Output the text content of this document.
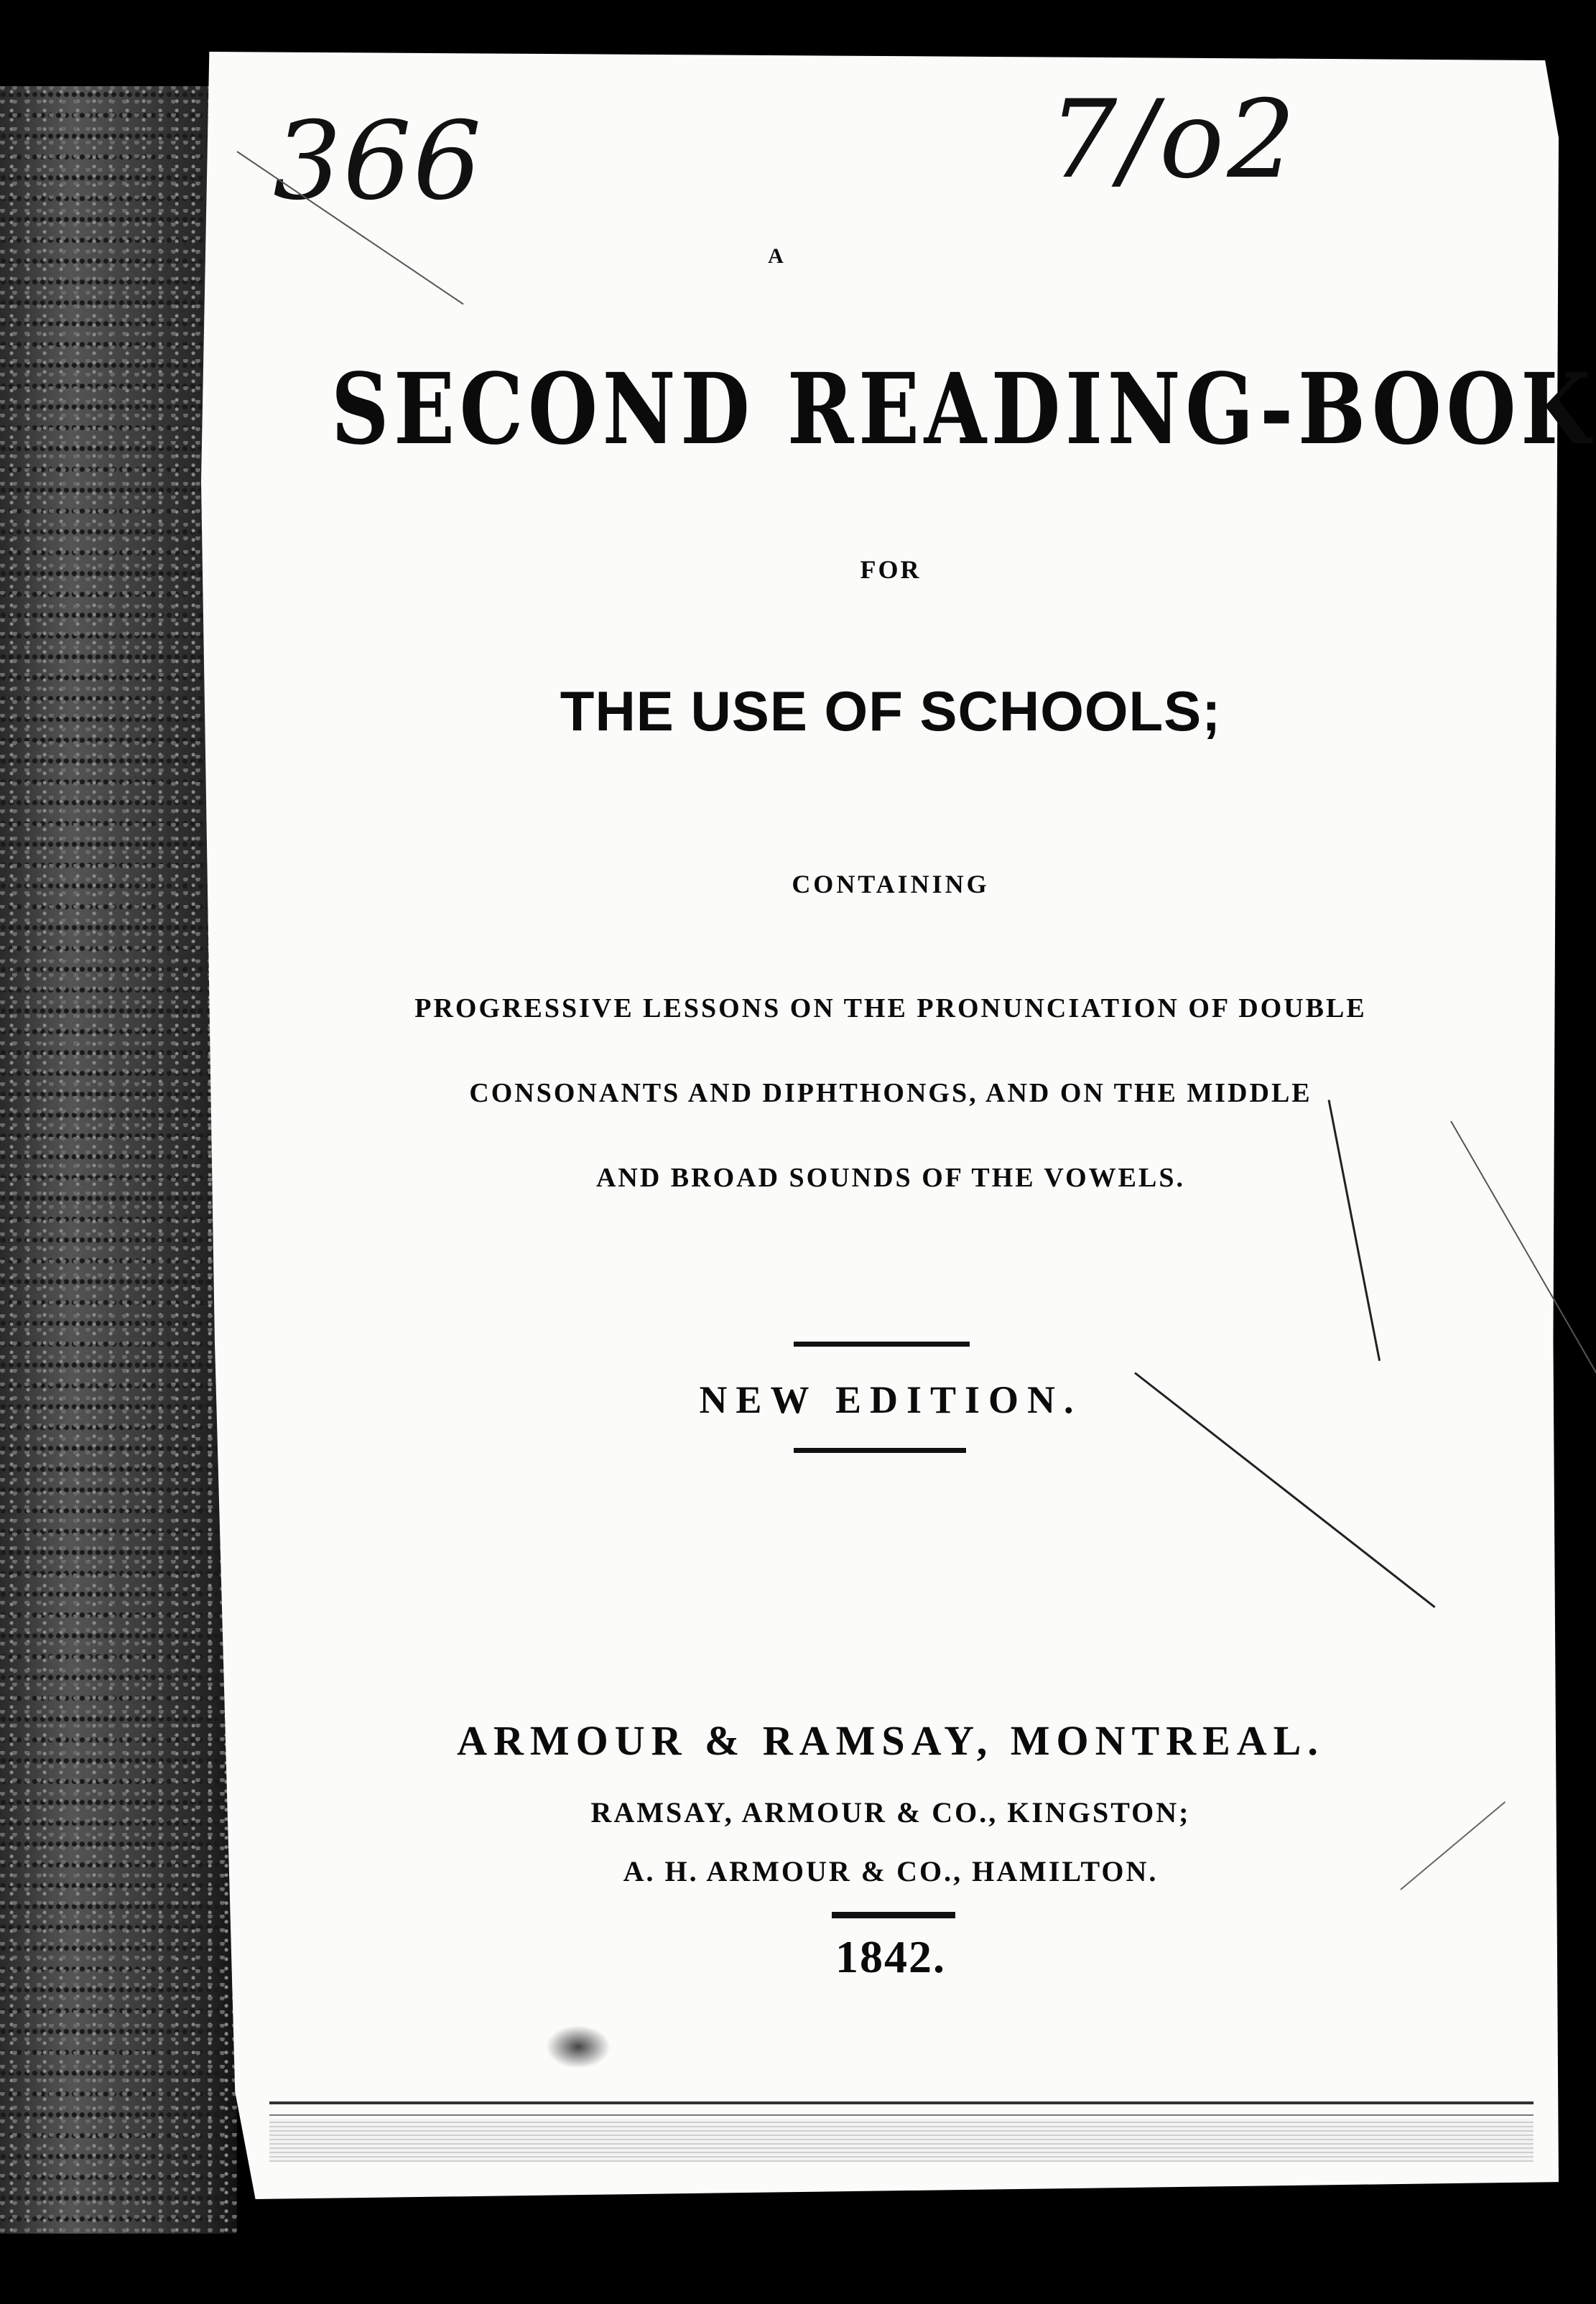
366	7/o2
A
SECOND READING-BOOK
FOR
THE USE OF SCHOOLS;
CONTAINING
PROGRESSIVE LESSONS ON THE PRONUNCIATION OF DOUBLE
CONSONANTS AND DIPHTHONGS, AND ON THE MIDDLE
AND BROAD SOUNDS OF THE VOWELS.
NEW EDITION.
ARMOUR & RAMSAY, MONTREAL.
RAMSAY, ARMOUR & CO., KINGSTON;
A. H. ARMOUR & CO., HAMILTON.
1842.
